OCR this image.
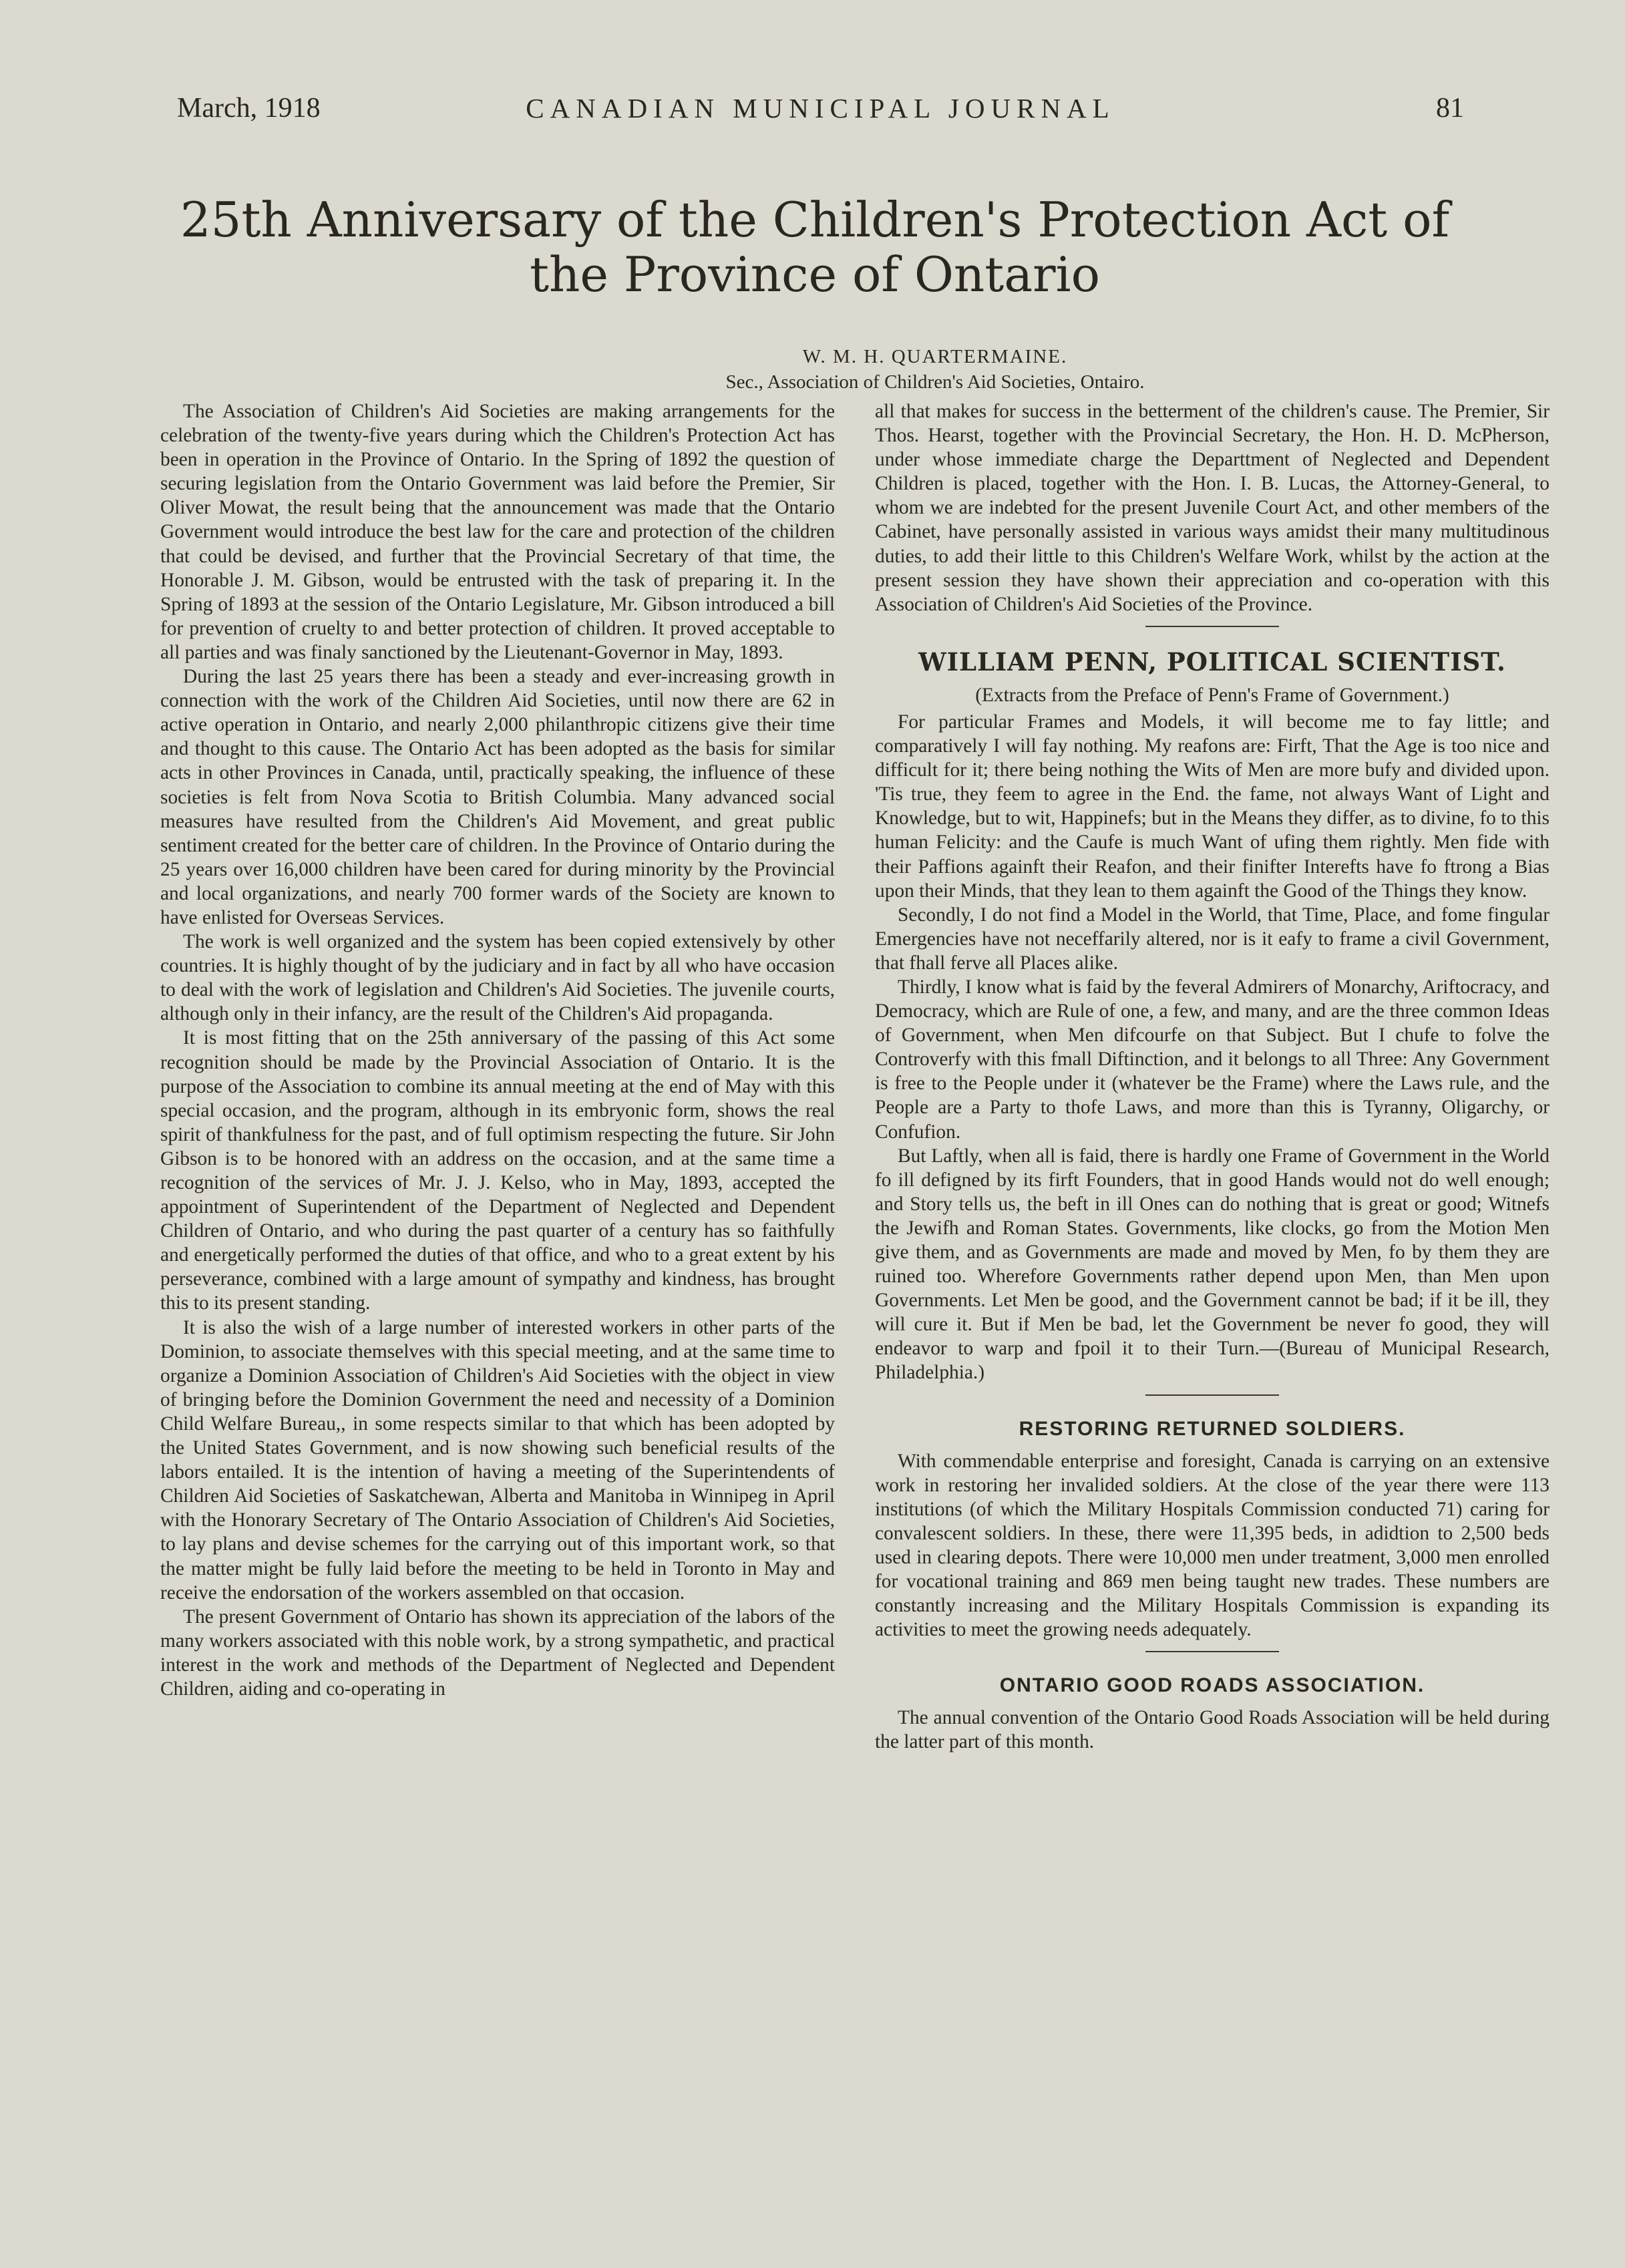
March, 1918	CANADIAN MUNICIPAL JOURNAL	81
25th Anniversary of the Children's Protection Act of the Province of Ontario
W. M. H. QUARTERMAINE.
Sec., Association of Children's Aid Societies, Ontairo.

The Association of Children's Aid Societies are making arrangements for the celebration of the twenty-five years during which the Children's Protection Act has been in operation in the Province of Ontario. In the Spring of 1892 the question of securing legislation from the Ontario Government was laid before the Premier, Sir Oliver Mowat, the result being that the announcement was made that the Ontario Government would introduce the best law for the care and protection of the children that could be devised, and further that the Provincial Secretary of that time, the Honorable J. M. Gibson, would be entrusted with the task of preparing it. In the Spring of 1893 at the session of the Ontario Legislature, Mr. Gibson introduced a bill for prevention of cruelty to and better protection of children. It proved acceptable to all parties and was finaly sanctioned by the Lieutenant-Governor in May, 1893.

During the last 25 years there has been a steady and ever-increasing growth in connection with the work of the Children Aid Societies, until now there are 62 in active operation in Ontario, and nearly 2,000 philanthropic citizens give their time and thought to this cause. The Ontario Act has been adopted as the basis for similar acts in other Provinces in Canada, until, practically speaking, the influence of these societies is felt from Nova Scotia to British Columbia. Many advanced social measures have resulted from the Children's Aid Movement, and great public sentiment created for the better care of children. In the Province of Ontario during the 25 years over 16,000 children have been cared for during minority by the Provincial and local organizations, and nearly 700 former wards of the Society are known to have enlisted for Overseas Services.

The work is well organized and the system has been copied extensively by other countries. It is highly thought of by the judiciary and in fact by all who have occasion to deal with the work of legislation and Children's Aid Societies. The juvenile courts, although only in their infancy, are the result of the Children's Aid propaganda.

It is most fitting that on the 25th anniversary of the passing of this Act some recognition should be made by the Provincial Association of Ontario. It is the purpose of the Association to combine its annual meeting at the end of May with this special occasion, and the program, although in its embryonic form, shows the real spirit of thankfulness for the past, and of full optimism respecting the future. Sir John Gibson is to be honored with an address on the occasion, and at the same time a recognition of the services of Mr. J. J. Kelso, who in May, 1893, accepted the appointment of Superintendent of the Department of Neglected and Dependent Children of Ontario, and who during the past quarter of a century has so faithfully and energetically performed the duties of that office, and who to a great extent by his perseverance, combined with a large amount of sympathy and kindness, has brought this to its present standing.

It is also the wish of a large number of interested workers in other parts of the Dominion, to associate themselves with this special meeting, and at the same time to organize a Dominion Association of Children's Aid Societies with the object in view of bringing before the Dominion Government the need and necessity of a Dominion Child Welfare Bureau,, in some respects similar to that which has been adopted by the United States Government, and is now showing such beneficial results of the labors entailed. It is the intention of having a meeting of the Superintendents of Children Aid Societies of Saskatchewan, Alberta and Manitoba in Winnipeg in April with the Honorary Secretary of The Ontario Association of Children's Aid Societies, to lay plans and devise schemes for the carrying out of this important work, so that the matter might be fully laid before the meeting to be held in Toronto in May and receive the endorsation of the workers assembled on that occasion.

The present Government of Ontario has shown its appreciation of the labors of the many workers associated with this noble work, by a strong sympathetic, and practical interest in the work and methods of the Department of Neglected and Dependent Children, aiding and co-operating in

all that makes for success in the betterment of the children's cause. The Premier, Sir Thos. Hearst, together with the Provincial Secretary, the Hon. H. D. McPherson, under whose immediate charge the Departtment of Neglected and Dependent Children is placed, together with the Hon. I. B. Lucas, the Attorney-General, to whom we are indebted for the present Juvenile Court Act, and other members of the Cabinet, have personally assisted in various ways amidst their many multitudinous duties, to add their little to this Children's Welfare Work, whilst by the action at the present session they have shown their appreciation and co-operation with this Association of Children's Aid Societies of the Province.

WILLIAM PENN, POLITICAL SCIENTIST.

(Extracts from the Preface of Penn's Frame of Government.)

For particular Frames and Models, it will become me to fay little; and comparatively I will fay nothing. My reafons are: Firft, That the Age is too nice and difficult for it; there being nothing the Wits of Men are more bufy and divided upon. 'Tis true, they feem to agree in the End. the fame, not always Want of Light and Knowledge, but to wit, Happinefs; but in the Means they differ, as to divine, fo to this human Felicity: and the Caufe is much Want of ufing them rightly. Men fide with their Paffions againft their Reafon, and their finifter Interefts have fo ftrong a Bias upon their Minds, that they lean to them againft the Good of the Things they know.

Secondly, I do not find a Model in the World, that Time, Place, and fome fingular Emergencies have not neceffarily altered, nor is it eafy to frame a civil Government, that fhall ferve all Places alike.

Thirdly, I know what is faid by the feveral Admirers of Monarchy, Ariftocracy, and Democracy, which are Rule of one, a few, and many, and are the three common Ideas of Government, when Men difcourfe on that Subject. But I chufe to folve the Controverfy with this fmall Diftinction, and it belongs to all Three: Any Government is free to the People under it (whatever be the Frame) where the Laws rule, and the People are a Party to thofe Laws, and more than this is Tyranny, Oligarchy, or Confufion.

But Laftly, when all is faid, there is hardly one Frame of Government in the World fo ill defigned by its firft Founders, that in good Hands would not do well enough; and Story tells us, the beft in ill Ones can do nothing that is great or good; Witnefs the Jewifh and Roman States. Governments, like clocks, go from the Motion Men give them, and as Governments are made and moved by Men, fo by them they are ruined too. Wherefore Governments rather depend upon Men, than Men upon Governments. Let Men be good, and the Government cannot be bad; if it be ill, they will cure it. But if Men be bad, let the Government be never fo good, they will endeavor to warp and fpoil it to their Turn.—(Bureau of Municipal Research, Philadelphia.)

RESTORING RETURNED SOLDIERS.

With commendable enterprise and foresight, Canada is carrying on an extensive work in restoring her invalided soldiers. At the close of the year there were 113 institutions (of which the Military Hospitals Commission conducted 71) caring for convalescent soldiers. In these, there were 11,395 beds, in adidtion to 2,500 beds used in clearing depots. There were 10,000 men under treatment, 3,000 men enrolled for vocational training and 869 men being taught new trades. These numbers are constantly increasing and the Military Hospitals Commission is expanding its activities to meet the growing needs adequately.

ONTARIO GOOD ROADS ASSOCIATION.

The annual convention of the Ontario Good Roads Association will be held during the latter part of this month.
